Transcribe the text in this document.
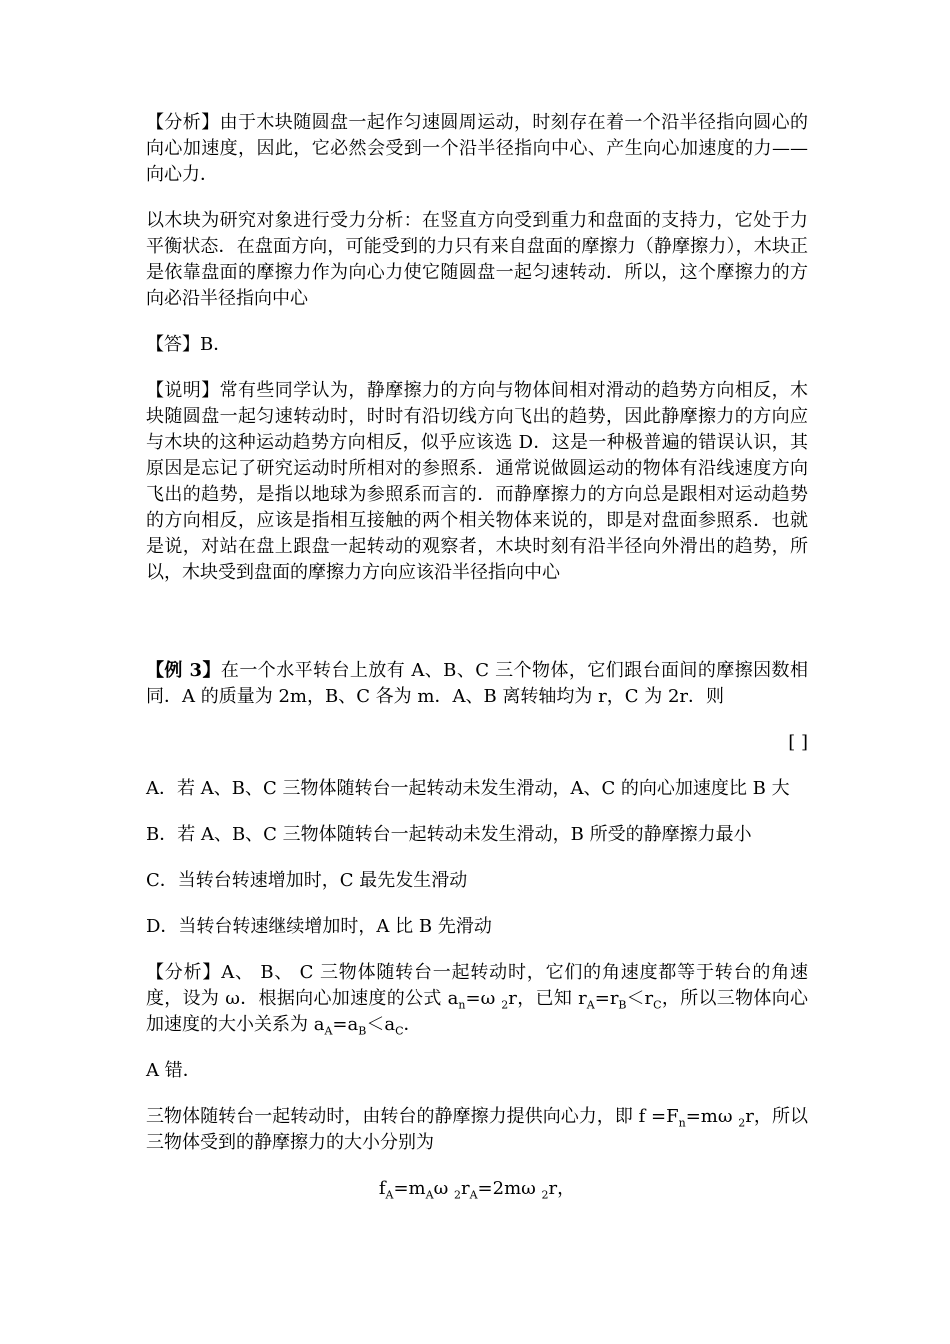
【分析】由于木块随圆盘一起作匀速圆周运动，时刻存在着一个沿半径指向圆心的向心加速度，因此，它必然会受到一个沿半径指向中心、产生向心加速度的力——向心力．

以木块为研究对象进行受力分析：在竖直方向受到重力和盘面的支持力，它处于力平衡状态．在盘面方向，可能受到的力只有来自盘面的摩擦力（静摩擦力），木块正是依靠盘面的摩擦力作为向心力使它随圆盘一起匀速转动．所以，这个摩擦力的方向必沿半径指向中心

【答】B．

【说明】常有些同学认为，静摩擦力的方向与物体间相对滑动的趋势方向相反，木块随圆盘一起匀速转动时，时时有沿切线方向飞出的趋势，因此静摩擦力的方向应与木块的这种运动趋势方向相反，似乎应该选 D．这是一种极普遍的错误认识，其原因是忘记了研究运动时所相对的参照系．通常说做圆运动的物体有沿线速度方向飞出的趋势，是指以地球为参照系而言的．而静摩擦力的方向总是跟相对运动趋势的方向相反，应该是指相互接触的两个相关物体来说的，即是对盘面参照系．也就是说，对站在盘上跟盘一起转动的观察者，木块时刻有沿半径向外滑出的趋势，所以，木块受到盘面的摩擦力方向应该沿半径指向中心

【例 3】在一个水平转台上放有 A、B、C 三个物体，它们跟台面间的摩擦因数相同．A 的质量为 2m，B、C 各为 m．A、B 离转轴均为 r，C 为 2r．则

[ ]

A．若 A、B、C 三物体随转台一起转动未发生滑动，A、C 的向心加速度比 B 大

B．若 A、B、C 三物体随转台一起转动未发生滑动，B 所受的静摩擦力最小

C．当转台转速增加时，C 最先发生滑动

D．当转台转速继续增加时，A 比 B 先滑动

【分析】A、 B、 C 三物体随转台一起转动时，它们的角速度都等于转台的角速度，设为 ω．根据向心加速度的公式 $a_n=\omega$ $_2$r，已知 $r_A=r_B<r_C$，所以三物体向心加速度的大小关系为 $a_A=a_B<a_C$．

A 错．

三物体随转台一起转动时，由转台的静摩擦力提供向心力，即 $f =F_n=m\omega$ $_2$r，所以三物体受到的静摩擦力的大小分别为

$f_A=m_A\omega$ $_2r_A=2m\omega$ $_2$r，
